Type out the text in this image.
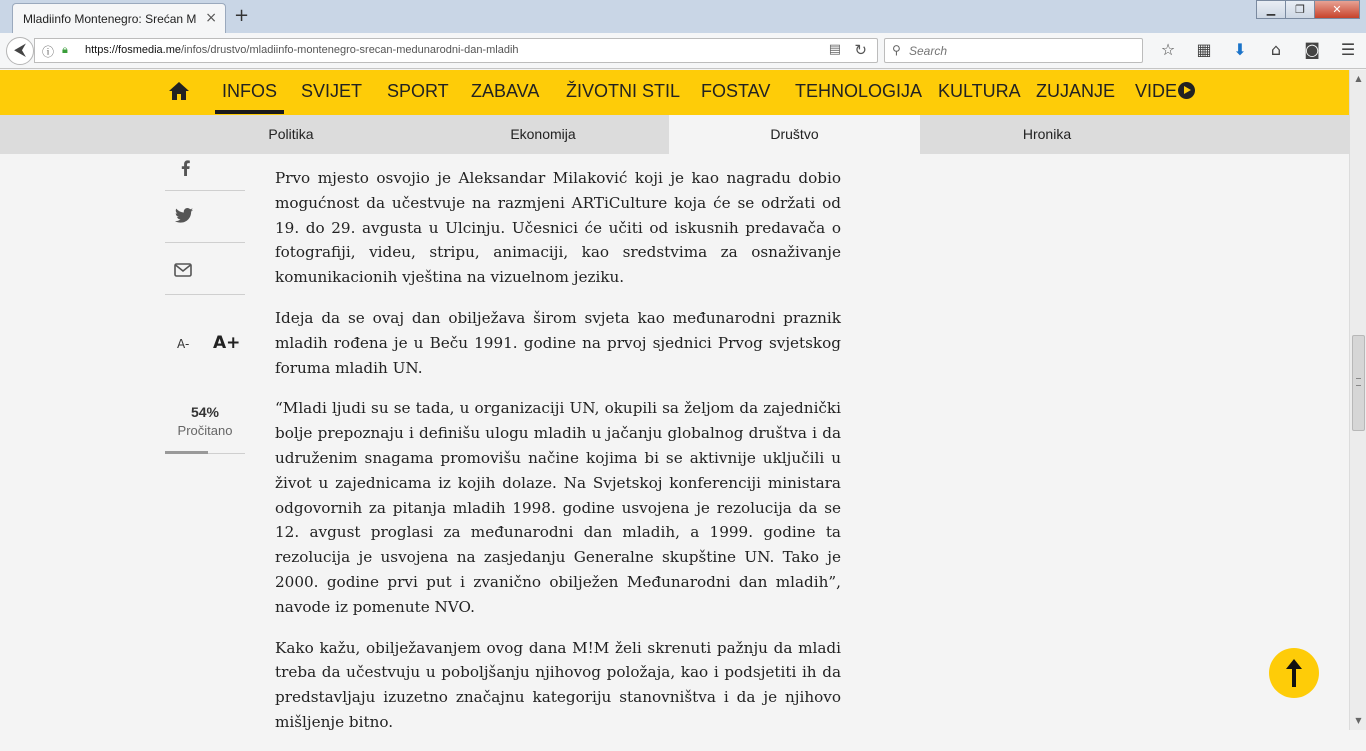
Mladiinfo Montenegro: Srećan M × +	▁	❐	✕
⮜	ⓘ 🔒︎ https://fosmedia.me/infos/drustvo/mladiinfo-montenegro-srecan-medunarodni-dan-mladih	▤ ↻ ⚲
Search	☆	▦	⬇	⌂	◙	☰
INFOS SVIJET SPORT ZABAVA ŽIVOTNI STIL FOSTAV TEHNOLOGIJA KULTURA ZUJANJE VIDE
Politika	Ekonomija	Društvo	Hronika
A- A+
54%
Pročitano

Prvo mjesto osvojio je Aleksandar Milaković koji je kao nagradu dobio mogućnost da učestvuje na razmjeni ARTiCulture koja će se održati od 19. do 29. avgusta u Ulcinju. Učesnici će učiti od iskusnih predavača o fotografiji, videu, stripu, animaciji, kao sredstvima za osnaživanje komunikacionih vještina na vizuelnom jeziku.

Ideja da se ovaj dan obilježava širom svjeta kao međunarodni praznik mladih rođena je u Beču 1991. godine na prvoj sjednici Prvog svjetskog foruma mladih UN.

“Mladi ljudi su se tada, u organizaciji UN, okupili sa željom da zajednički bolje prepoznaju i definišu ulogu mladih u jačanju globalnog društva i da udruženim snagama promovišu načine kojima bi se aktivnije uključili u život u zajednicama iz kojih dolaze. Na Svjetskoj konferenciji ministara odgovornih za pitanja mladih 1998. godine usvojena je rezolucija da se 12. avgust proglasi za međunarodni dan mladih, a 1999. godine ta rezolucija je usvojena na zasjedanju Generalne skupštine UN. Tako je 2000. godine prvi put i zvanično obilježen Međunarodni dan mladih”, navode iz pomenute NVO.

Kako kažu, obilježavanjem ovog dana M!M želi skrenuti pažnju da mladi treba da učestvuju u poboljšanju njihovog položaja, kao i podsjetiti ih da predstavljaju izuzetno značajnu kategoriju stanovništva i da je njihovo mišljenje bitno.

▲
▼
